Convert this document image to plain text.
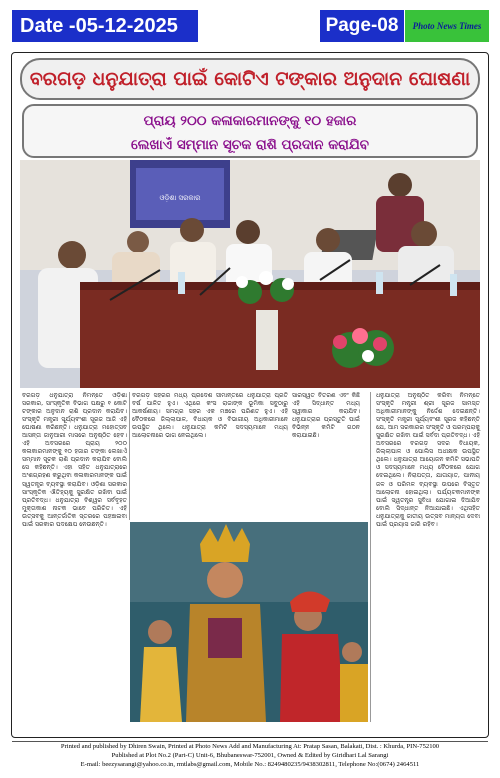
Date -05-12-2025	Page-08	Photo News Times
ବରଗଡ଼ ଧନୁଯାତ୍ରା ପାଇଁ କୋଟିଏ ଟଙ୍କାର ଅନୁଦାନ ଘୋଷଣା
ପ୍ରାୟ ୨୦୦ କଳାକାରମାନଙ୍କୁ ୧୦ ହଜାର
ଲେଖାଏଁ ସମ୍ମାନ ସୂଚକ ରାଶି ପ୍ରଦାନ କରାଯିବ
ଓଡ଼ିଶା ସରକାର
ବରଗଡ଼ ଧନୁଯାତ୍ରା ନିମନ୍ତେ ଓଡ଼ିଶା ସରକାର, ସାଂସ୍କୃତିକ ବିଭାଗ ପକ୍ଷରୁ ୧ କୋଟି ଟଙ୍କାର ଅନୁଦାନ ରାଶି ପ୍ରଦାନ କରାଯିବ। ସଂସ୍କୃତି ମନ୍ତ୍ରୀ ସୂର୍ଯ୍ୟବଂଶୀ ସୂରଜ ଆଜି ଏହି ଘୋଷଣା କରିଛନ୍ତି। ଧନୁଯାତ୍ରା ମହୋତ୍ସବ ଆସନ୍ତା ଜାନୁଆରୀ ମାସରେ ଅନୁଷ୍ଠିତ ହେବ। ଏହି ଅବସରରେ ପ୍ରାୟ ୨୦୦ କଳାକାରମାନଙ୍କୁ ୧୦ ହଜାର ଟଙ୍କା ଲେଖାଏଁ ସମ୍ମାନ ସୂଚକ ରାଶି ପ୍ରଦାନ କରାଯିବ ବୋଲି ସେ କହିଛନ୍ତି। ଏହା ସହିତ ଧନୁଯାତ୍ରାରେ ଅଂଶଗ୍ରହଣ କରୁଥିବା କଳାକାରମାନଙ୍କ ପାଇଁ ସ୍ୱତନ୍ତ୍ର ବ୍ୟବସ୍ଥା କରାଯିବ। ଓଡ଼ିଶା ସରକାର ସାଂସ୍କୃତିକ ଐତିହ୍ୟକୁ ସୁରକ୍ଷିତ ରଖିବା ପାଇଁ ପ୍ରତିବଦ୍ଧ। ଧନୁଯାତ୍ରା ବିଶ୍ୱର ସର୍ବବୃହତ ମୁକ୍ତାକାଶ ନାଟକ ଭାବେ ପରିଚିତ। ଏହି ଉତ୍ସବକୁ ଆନ୍ତର୍ଜାତିକ ସ୍ତରରେ ପହଞ୍ଚାଇବା ପାଇଁ ସରକାର ପଦକ୍ଷେପ ନେଉଛନ୍ତି।
ବରଗଡ଼ ସହରର ମଧ୍ୟ ପ୍ରଦେଶ ସୀମାନ୍ତରେ ଧନୁଯାତ୍ରା ପ୍ରତି ବର୍ଷ ପାଳିତ ହୁଏ। ଏଥିରେ କଂସ ରାଜାଙ୍କ ଭୂମିକା ସବୁଠାରୁ ଆକର୍ଷଣୀୟ। ସମଗ୍ର ସହର ଏକ ମଞ୍ଚରେ ପରିଣତ ହୁଏ। ଏହି ବୈଠକରେ ଜିଲ୍ଲାପାଳ, ବିଧାୟକ ଓ ବିଭାଗୀୟ ଅଧିକାରୀମାନେ ଉପସ୍ଥିତ ଥିଲେ। ଧନୁଯାତ୍ରା କମିଟି ସଦସ୍ୟମାନେ ମଧ୍ୟ ଆଲୋଚନାରେ ଭାଗ ନେଇଥିଲେ।
ସାରସ୍ୱତ ବିତରଣ ଏବଂ କିଛି ଏହି ସିଦ୍ଧାନ୍ତ ମଧ୍ୟ ସ୍ୱୀକାର କରାଯିବ। ଧନୁଯାତ୍ରାର ପ୍ରସ୍ତୁତି ପାଇଁ ବିଭିନ୍ନ କମିଟି ଗଠନ କରାଯାଇଛି।
ଧନୁଯାତ୍ରା ଅନୁଷ୍ଠିତ କରିବା ନିମନ୍ତେ ସଂସ୍କୃତି ମନ୍ତ୍ରୀ ଶ୍ରୀ ସୂରଜ ସାମସ୍ତ ଅଧିକାରୀମାନଙ୍କୁ ନିର୍ଦ୍ଦେଶ ଦେଇଛନ୍ତି। ସଂସ୍କୃତି ମନ୍ତ୍ରୀ ସୂର୍ଯ୍ୟବଂଶୀ ସୂରଜ କହିଛନ୍ତି ଯେ, ଆମ ସରକାରର ସଂସ୍କୃତି ଓ ପରମ୍ପରାକୁ ସୁରକ୍ଷିତ ରଖିବା ପାଇଁ ସର୍ବଦା ପ୍ରତିବଦ୍ଧ। ଏହି ଅବସରରେ ବରଗଡ଼ ସଦର ବିଧାୟକ, ଜିଲ୍ଲାପାଳ ଓ ପୋଲିସ ଅଧୀକ୍ଷକ ଉପସ୍ଥିତ ଥିଲେ। ଧନୁଯାତ୍ରା ଆୟୋଜନ କମିଟି ସଭାପତି ଓ ସଦସ୍ୟମାନେ ମଧ୍ୟ ବୈଠକରେ ଯୋଗ ଦେଇଥିଲେ। ନିରାପତ୍ତା, ଯାତାୟାତ, ପାନୀୟ ଜଳ ଓ ପରିମଳ ବ୍ୟବସ୍ଥା ଉପରେ ବିସ୍ତୃତ ଆଲୋଚନା ହୋଇଥିଲା। ପର୍ଯ୍ୟଟକମାନଙ୍କ ପାଇଁ ସ୍ୱତନ୍ତ୍ର ସୁବିଧା ଯୋଗାଇ ଦିଆଯିବ ବୋଲି ସିଦ୍ଧାନ୍ତ ନିଆଯାଇଛି। ଏଥିସହିତ ଧନୁଯାତ୍ରାକୁ ଜାତୀୟ ଉତ୍ସବ ମାନ୍ୟତା ଦେବା ପାଇଁ ପ୍ରୟାସ ଜାରି ରହିବ।
Printed and published by Dhiren Swain, Printed at Photo News Add and Manufacturing At: Pratap Sasan, Balakati, Dist. : Khurda, PIN-752100
Published at Plot No.2 (Part-C) Unit-6, Bhubaneswar-752001, Owned & Edited by Giridhari Lal Sarangi
E-mail: beezysarangi@yahoo.co.in, rmtlabs@gmail.com, Mobile No.: 8249480235/9438302811, Telephone No:(0674) 2464511
